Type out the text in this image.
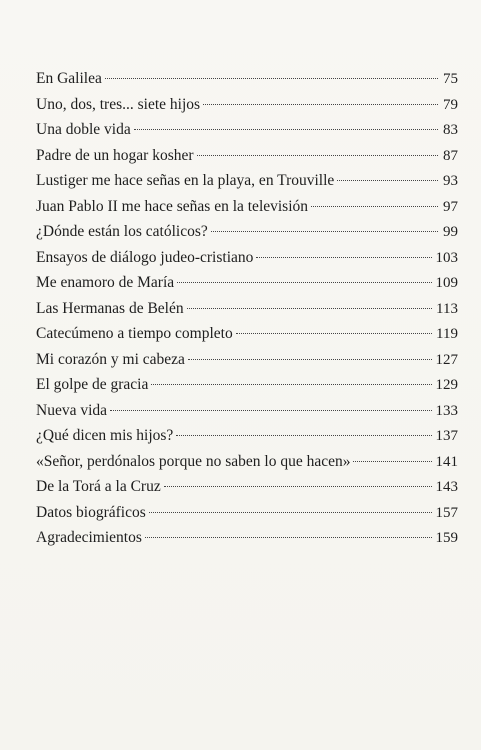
En Galilea	75
Uno, dos, tres... siete hijos	79
Una doble vida	83
Padre de un hogar kosher	87
Lustiger me hace señas en la playa, en Trouville	93
Juan Pablo II me hace señas en la televisión	97
¿Dónde están los católicos?	99
Ensayos de diálogo judeo-cristiano	103
Me enamoro de María	109
Las Hermanas de Belén	113
Catecúmeno a tiempo completo	119
Mi corazón y mi cabeza	127
El golpe de gracia	129
Nueva vida	133
¿Qué dicen mis hijos?	137
«Señor, perdónalos porque no saben lo que hacen»	141
De la Torá a la Cruz	143
Datos biográficos	157
Agradecimientos	159
